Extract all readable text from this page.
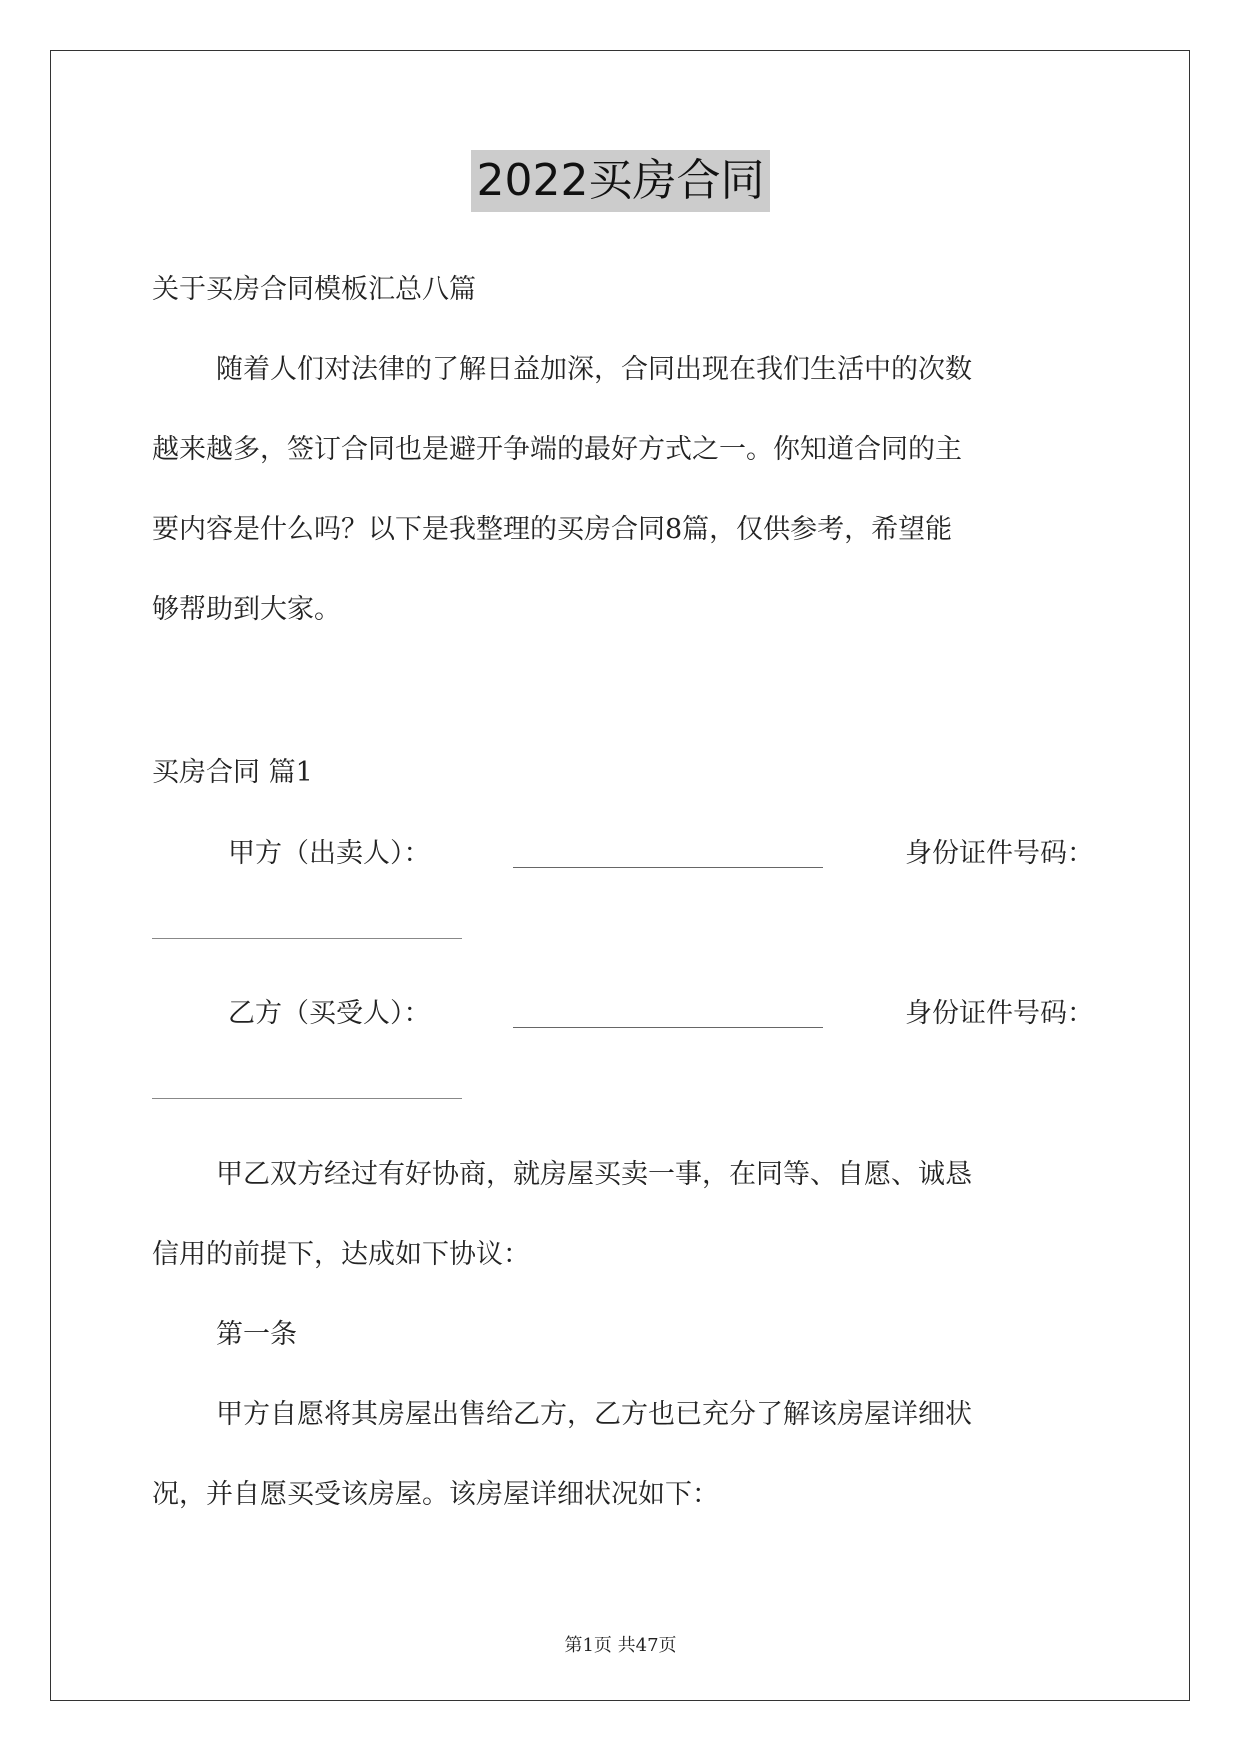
2022买房合同
关于买房合同模板汇总八篇
随着人们对法律的了解日益加深，合同出现在我们生活中的次数
越来越多，签订合同也是避开争端的最好方式之一。你知道合同的主
要内容是什么吗？以下是我整理的买房合同8篇，仅供参考，希望能
够帮助到大家。
买房合同 篇1
甲方（出卖人）：	身份证件号码：
乙方（买受人）：	身份证件号码：
甲乙双方经过有好协商，就房屋买卖一事，在同等、自愿、诚恳
信用的前提下，达成如下协议：
第一条
甲方自愿将其房屋出售给乙方，乙方也已充分了解该房屋详细状
况，并自愿买受该房屋。该房屋详细状况如下：
第1页 共47页
